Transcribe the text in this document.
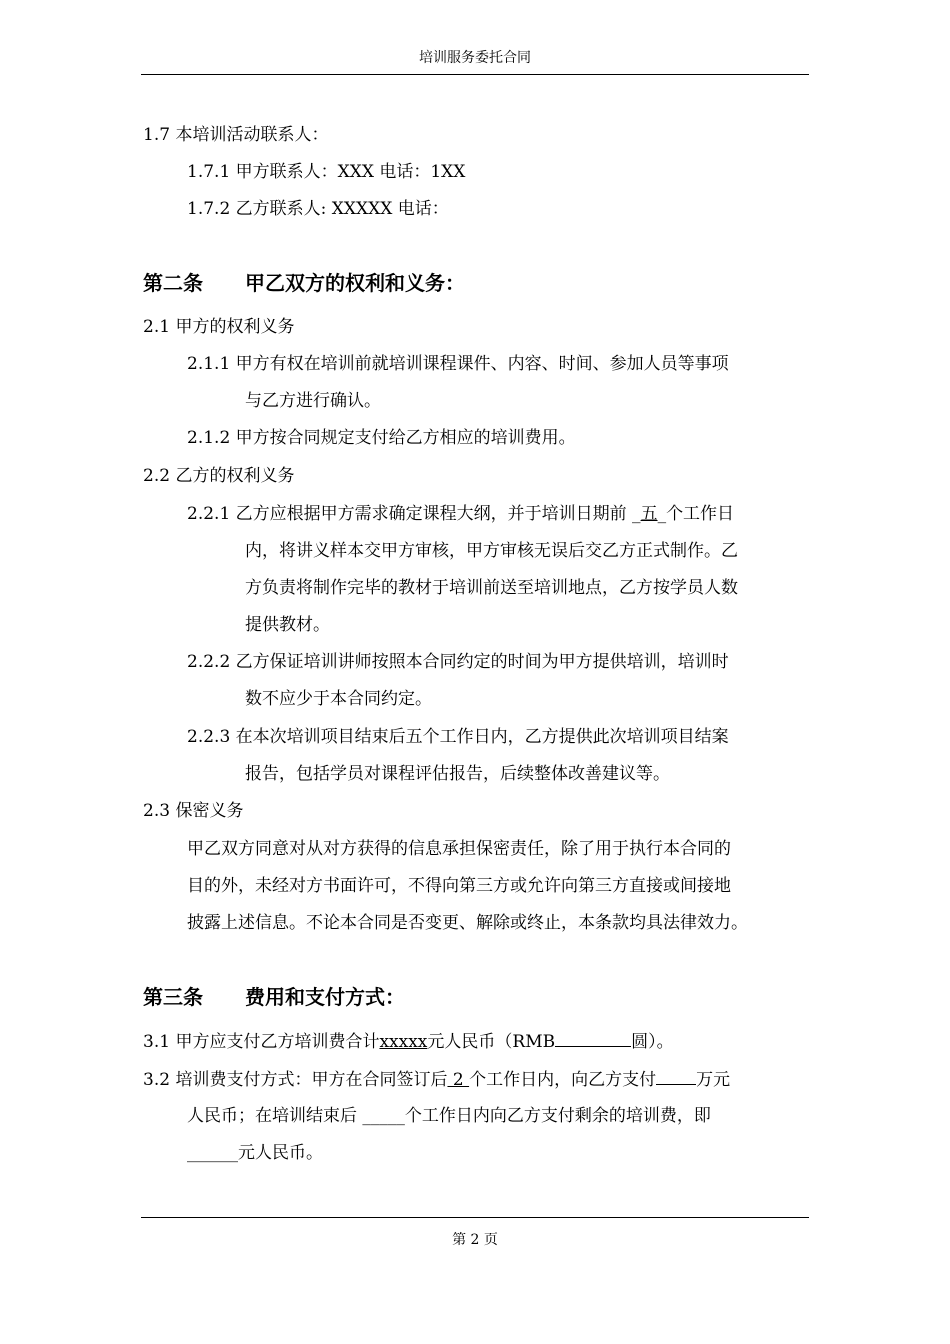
培训服务委托合同
1.7 本培训活动联系人：
1.7.1 甲方联系人：XXX 电话：1XX
1.7.2 乙方联系人: XXXXX 电话：
第二条 甲乙双方的权利和义务：
2.1 甲方的权利义务
2.1.1 甲方有权在培训前就培训课程课件、内容、时间、参加人员等事项
与乙方进行确认。
2.1.2 甲方按合同规定支付给乙方相应的培训费用。
2.2 乙方的权利义务
2.2.1 乙方应根据甲方需求确定课程大纲，并于培训日期前 _五_个工作日
内，将讲义样本交甲方审核，甲方审核无误后交乙方正式制作。乙
方负责将制作完毕的教材于培训前送至培训地点，乙方按学员人数
提供教材。
2.2.2 乙方保证培训讲师按照本合同约定的时间为甲方提供培训，培训时
数不应少于本合同约定。
2.2.3 在本次培训项目结束后五个工作日内，乙方提供此次培训项目结案
报告，包括学员对课程评估报告，后续整体改善建议等。
2.3 保密义务
甲乙双方同意对从对方获得的信息承担保密责任，除了用于执行本合同的
目的外，未经对方书面许可，不得向第三方或允许向第三方直接或间接地
披露上述信息。不论本合同是否变更、解除或终止，本条款均具法律效力。
第三条 费用和支付方式：
3.1 甲方应支付乙方培训费合计xxxxx元人民币（RMB	圆）。
3.2 培训费支付方式：甲方在合同签订后 2 个工作日内，向乙方支付 万元
人民币；在培训结束后 _____个工作日内向乙方支付剩余的培训费，即
______元人民币。
第 2 页
